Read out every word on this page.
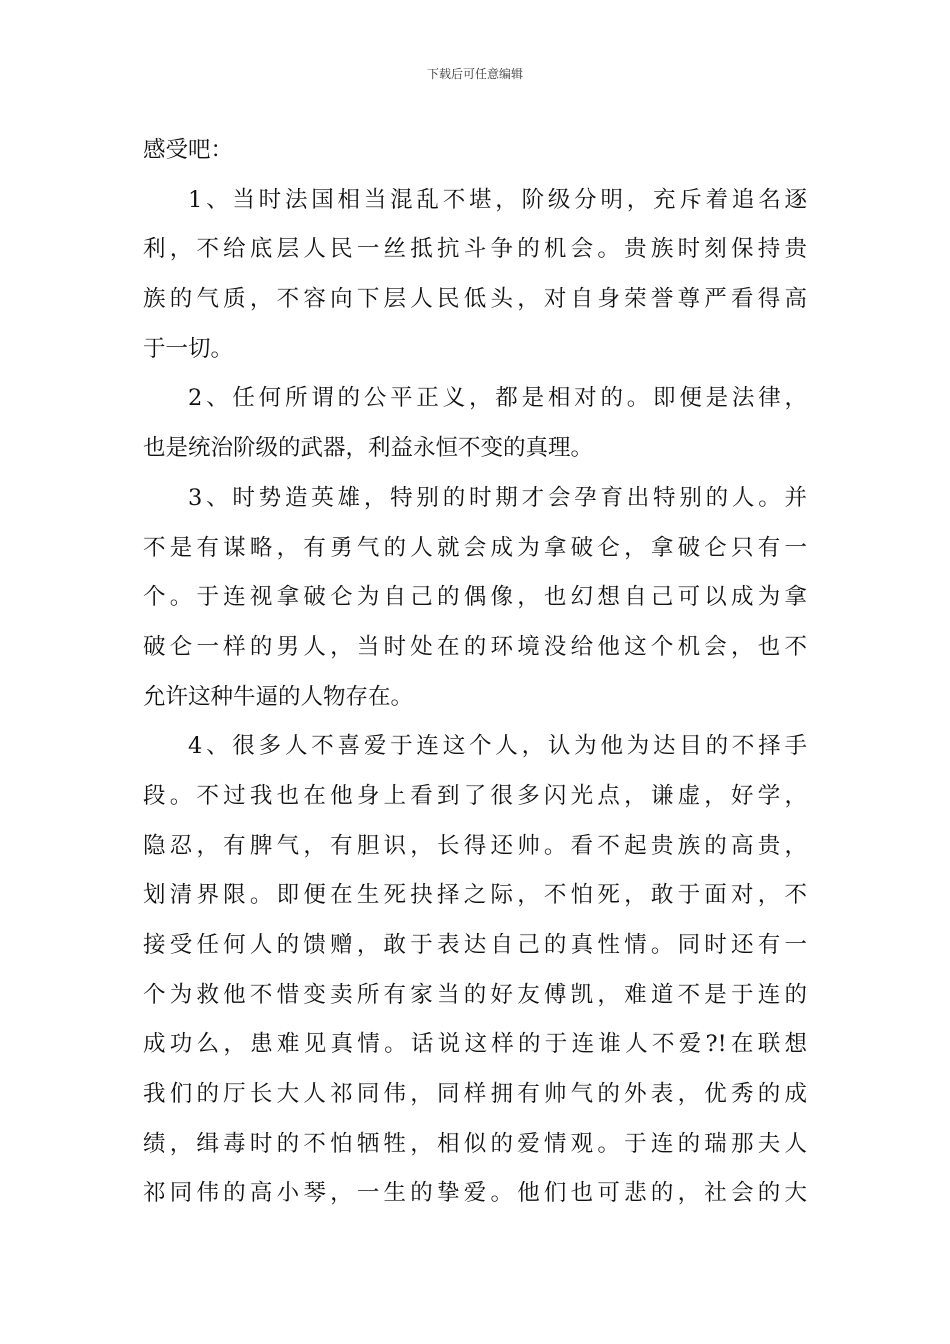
下载后可任意编辑
感受吧：
1、当时法国相当混乱不堪，阶级分明，充斥着追名逐
利，不给底层人民一丝抵抗斗争的机会。贵族时刻保持贵
族的气质，不容向下层人民低头，对自身荣誉尊严看得高
于一切。
2、任何所谓的公平正义，都是相对的。即便是法律，
也是统治阶级的武器，利益永恒不变的真理。
3、时势造英雄，特别的时期才会孕育出特别的人。并
不是有谋略，有勇气的人就会成为拿破仑，拿破仑只有一
个。于连视拿破仑为自己的偶像，也幻想自己可以成为拿
破仑一样的男人，当时处在的环境没给他这个机会，也不
允许这种牛逼的人物存在。
4、很多人不喜爱于连这个人，认为他为达目的不择手
段。不过我也在他身上看到了很多闪光点，谦虚，好学，
隐忍，有脾气，有胆识，长得还帅。看不起贵族的高贵，
划清界限。即便在生死抉择之际，不怕死，敢于面对，不
接受任何人的馈赠，敢于表达自己的真性情。同时还有一
个为救他不惜变卖所有家当的好友傅凯，难道不是于连的
成功么，患难见真情。话说这样的于连谁人不爱?!在联想
我们的厅长大人祁同伟，同样拥有帅气的外表，优秀的成
绩，缉毒时的不怕牺牲，相似的爱情观。于连的瑞那夫人
祁同伟的高小琴，一生的挚爱。他们也可悲的，社会的大
